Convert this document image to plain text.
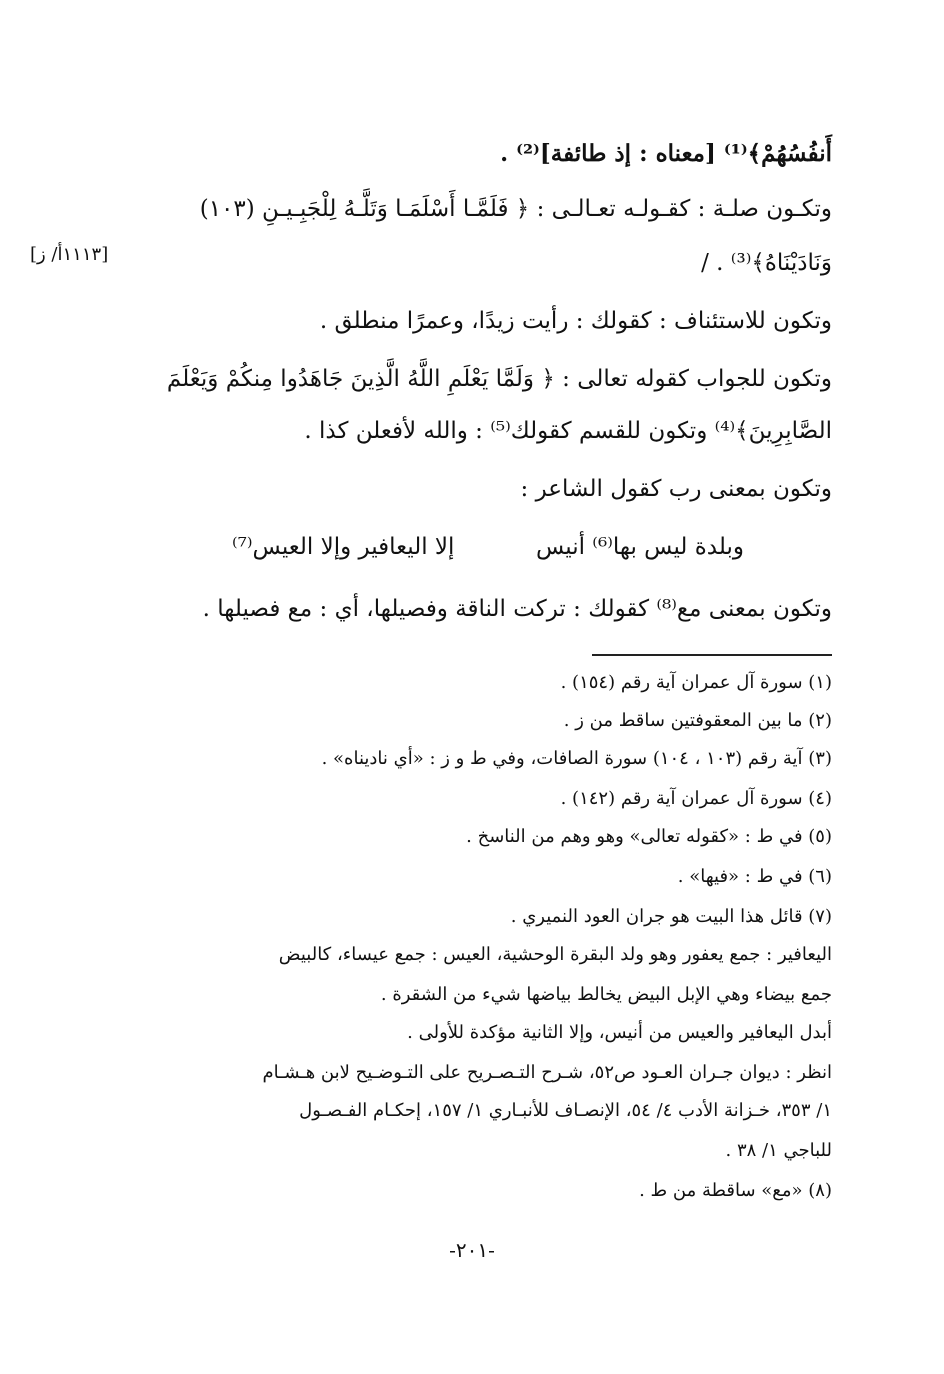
أَنفُسُهُمْ﴾⁽¹⁾ [معناه : إذ طائفة]⁽²⁾ .
وتكـون صلـة : كقـولـه تعـالـى : ﴿ فَلَمَّـا أَسْلَمَـا وَتَلَّـهُ لِلْجَبِـيـنِ (١٠٣)
وَنَادَيْنَاهُ﴾⁽³⁾ . /
[١١١٣أ/ ز]
وتكون للاستئناف : كقولك : رأيت زيدًا، وعمرًا منطلق .
وتكون للجواب كقوله تعالى : ﴿ وَلَمَّا يَعْلَمِ اللَّهُ الَّذِينَ جَاهَدُوا مِنكُمْ وَيَعْلَمَ
الصَّابِرِينَ﴾⁽⁴⁾ وتكون للقسم كقولك⁽⁵⁾ : والله لأفعلن كذا .
وتكون بمعنى رب كقول الشاعر :
وبلدة ليس بها⁽⁶⁾ أنيس
إلا اليعافير وإلا العيس⁽⁷⁾
وتكون بمعنى مع⁽⁸⁾ كقولك : تركت الناقة وفصيلها، أي : مع فصيلها .
(١) سورة آل عمران آية رقم (١٥٤) .
(٢) ما بين المعقوفتين ساقط من ز .
(٣) آية رقم (١٠٣ ، ١٠٤) سورة الصافات، وفي ط و ز : «أي ناديناه» .
(٤) سورة آل عمران آية رقم (١٤٢) .
(٥) في ط : «كقوله تعالى» وهو وهم من الناسخ .
(٦) في ط : «فيها» .
(٧) قائل هذا البيت هو جران العود النميري .
اليعافير : جمع يعفور وهو ولد البقرة الوحشية، العيس : جمع عيساء، كالبيض
جمع بيضاء وهي الإبل البيض يخالط بياضها شيء من الشقرة .
أبدل اليعافير والعيس من أنيس، وإلا الثانية مؤكدة للأولى .
انظر : ديوان جـران العـود ص٥٢، شـرح التـصـريح على التـوضـيح لابن هـشـام
١/ ٣٥٣، خـزانة الأدب ٤/ ٥٤، الإنصـاف للأنبـاري ١/ ١٥٧، إحكـام الفـصـول
للباجي ١/ ٣٨ .
(٨) «مع» ساقطة من ط .
-٢٠١-
